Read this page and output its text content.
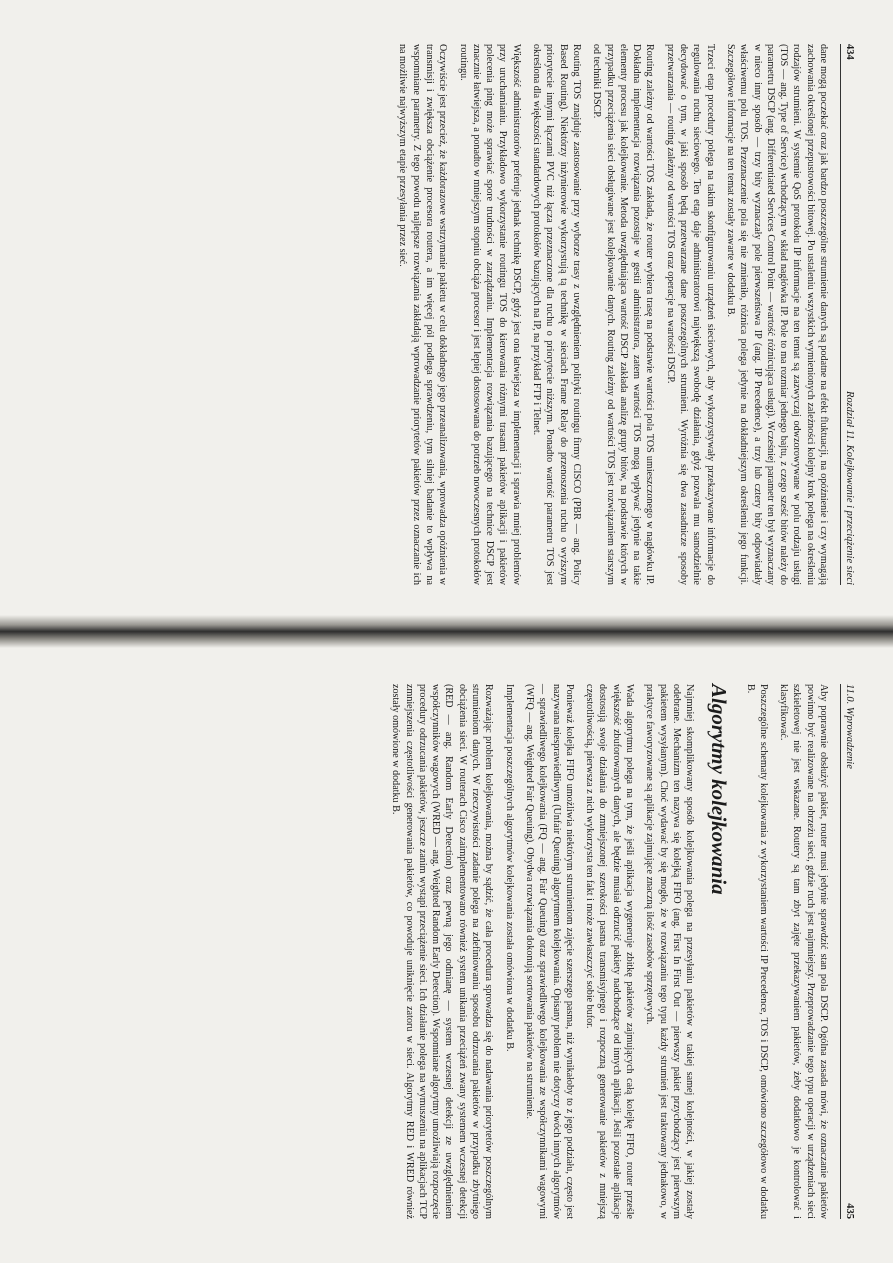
434
Rozdział 11. Kolejkowanie i przeciążenie sieci

dane mogą poczekać oraz jak bardzo poszczególne strumienie danych są podatne na efekt fluktuacji, na opóźnienie i czy wymagają zachowania określonej przepustowości bitowej. Po ustaleniu wszystkich wymienionych zależności kolejny krok polega na określeniu rodzajów strumieni. W systemie QoS protokołu IP informacje na ten temat są zazwyczaj odwzorowywane w polu rodzaju usługi (TOS — ang. Type of Service) wchodzącym w skład nagłówka IP. Pole to ma rozmiar jednego bajtu, z czego sześć bitów należy do parametru DSCP (ang. Differentiated Services Control Point — wartość różnicująca usługi). Wcześniej parametr ten był wyznaczany w nieco inny sposób — trzy bity wyznaczały pole pierwszeństwa IP (ang. IP Precedence), a trzy lub cztery bity odpowiadały właściwemu polu TOS. Przeznaczenie pola się nie zmieniło, różnica polega jedynie na dokładniejszym określeniu jego funkcji. Szczegółowe informacje na ten temat zostały zawarte w dodatku B.

Trzeci etap procedury polega na takim skonfigurowaniu urządzeń sieciowych, aby wykorzystywały przekazywane informacje do regulowania ruchu sieciowego. Ten etap daje administratorowi największą swobodę działania, gdyż pozwala mu samodzielnie decydować o tym, w jaki sposób będą przetwarzane dane poszczególnych strumieni. Wyróżnia się dwa zasadnicze sposoby przetwarzania — routing zależny od wartości TOS oraz operacje na wartości DSCP.

Routing zależny od wartości TOS zakłada, że router wybiera trasę na podstawie wartości pola TOS umieszczonego w nagłówku IP. Dokładna implementacja rozwiązania pozostaje w gestii administratora, zatem wartości TOS mogą wpływać jedynie na takie elementy procesu jak kolejkowanie. Metoda uwzględniająca wartość DSCP zakłada analizę grupy bitów, na podstawie których w przypadku przeciążenia sieci obsługiwane jest kolejkowanie danych. Routing zależny od wartości TOS jest rozwiązaniem starszym od techniki DSCP.

Routing TOS znajduje zastosowanie przy wyborze trasy z uwzględnieniem polityki routingu firmy CISCO (PBR — ang. Policy Based Routing). Niektórzy inżynierowie wykorzystują tą technikę w sieciach Frame Relay do przenoszenia ruchu o wyższym priorytecie innymi łączami PVC niż łącza przeznaczone dla ruchu o priorytecie niższym. Ponadto wartość parametru TOS jest określona dla większości standardowych protokołów bazujących na IP, na przykład FTP i Telnet.

Większość administratorów preferuje jednak technikę DSCP, gdyż jest ona łatwiejsza w implementacji i sprawia mniej problemów przy uruchamianiu. Przykładowo wykorzystanie routingu TOS do kierowania różnymi trasami pakietów aplikacji i pakietów polecenia ping może sprawiać spore trudności w zarządzaniu. Implementacja rozwiązania bazującego na technice DSCP jest znacznie łatwiejsza, a ponadto w mniejszym stopniu obciąża procesor i jest lepiej dostosowana do potrzeb nowoczesnych protokołów routingu.

Oczywiście jest przecież, że każdorazowe wstrzymanie pakietu w celu dokładnego jego przeanalizowania, wprowadza opóźnienia w transmisji i zwiększa obciążenie procesora routera, a im więcej pól podlega sprawdzeniu, tym silniej badanie to wpływa na wspomniane parametry. Z tego powodu najlepsze rozwiązania zakładają wprowadzanie priorytetów pakietów przez oznaczanie ich na możliwie najwyższym etapie przesyłania przez sieć.

11.0. Wprowadzenie
435

Aby poprawnie obsłużyć pakiet, router musi jedynie sprawdzić stan pola DSCP. Ogólna zasada mówi, że oznaczanie pakietów powinno być realizowane na obrzeżu sieci, gdzie ruch jest najmniejszy. Przeprowadzanie tego typu operacji w urządzeniach sieci szkieletowej nie jest wskazane. Routery są tam zbyt zajęte przekazywaniem pakietów, żeby dodatkowo je kontrolować i klasyfikować.

Poszczególne schematy kolejkowania z wykorzystaniem wartości IP Precedence, TOS i DSCP, omówiono szczegółowo w dodatku B.

Algorytmy kolejkowania

Najmniej skomplikowany sposób kolejkowania polega na przesyłaniu pakietów w takiej samej kolejności, w jakiej zostały odebrane. Mechanizm ten nazywa się kolejką FIFO (ang. First In First Out — pierwszy pakiet przychodzący jest pierwszym pakietem wysyłanym). Choć wydawać by się mogło, że w rozwiązaniu tego typu każdy strumień jest traktowany jednakowo, w praktyce faworyzowane są aplikacje zajmujące znaczną ilość zasobów sprzętowych.

Wada algorytmu polega na tym, że jeśli aplikacja wygeneruje zbitkę pakietów zajmujących całą kolejkę FIFO, router prześle większość zbuforowanych danych, ale będzie musiał odrzucić pakiety nadchodzące od innych aplikacji. Jeśli pozostałe aplikacje dostosują swoje działania do zmniejszonej szerokości pasma transmisyjnego i rozpoczną generowanie pakietów z mniejszą częstotliwością, pierwsza z nich wykorzysta ten fakt i może zawłaszczyć sobie bufor.

Ponieważ kolejka FIFO umożliwia niektórym strumieniom zajęcie szerszego pasma, niż wynikałoby to z jego podziału, często jest nazywana niesprawiedliwym (Unfair Queuing) algorytmem kolejkowania. Opisany problem nie dotyczy dwóch innych algorytmów — sprawiedliwego kolejkowania (FQ — ang. Fair Queuing) oraz sprawiedliwego kolejkowania ze współczynnikami wagowymi (WFQ — ang. Weighted Fair Queuing). Obydwa rozwiązania dokonują sortowania pakietów na strumienie.

Implementacja poszczególnych algorytmów kolejkowania została omówiona w dodatku B.

Rozważając problem kolejkowania, można by sądzić, że cała procedura sprowadza się do nadawania priorytetów poszczególnym strumieniom danych. W rzeczywistości zadanie polega na zdefiniowaniu sposobu odrzucania pakietów w przypadku zbytniego obciążenia sieci. W routerach Cisco zaimplementowano również system unikania przeciążeń zwany systemem wczesnej detekcji (RED — ang. Random Early Detection) oraz pewną jego odmianę — system wczesnej detekcji ze uwzględnieniem współczynników wagowych (WRED — ang. Weighted Random Early Detection). Wspomniane algorytmy umożliwiają rozpoczęcie procedury odrzucania pakietów, jeszcze zanim wystąpi przeciążenie sieci. Ich działanie polega na wymuszeniu na aplikacjach TCP zmniejszenia częstotliwości generowania pakietów, co powoduje uniknięcie zatoru w sieci. Algorytmy RED i WRED również zostały omówione w dodatku B.
